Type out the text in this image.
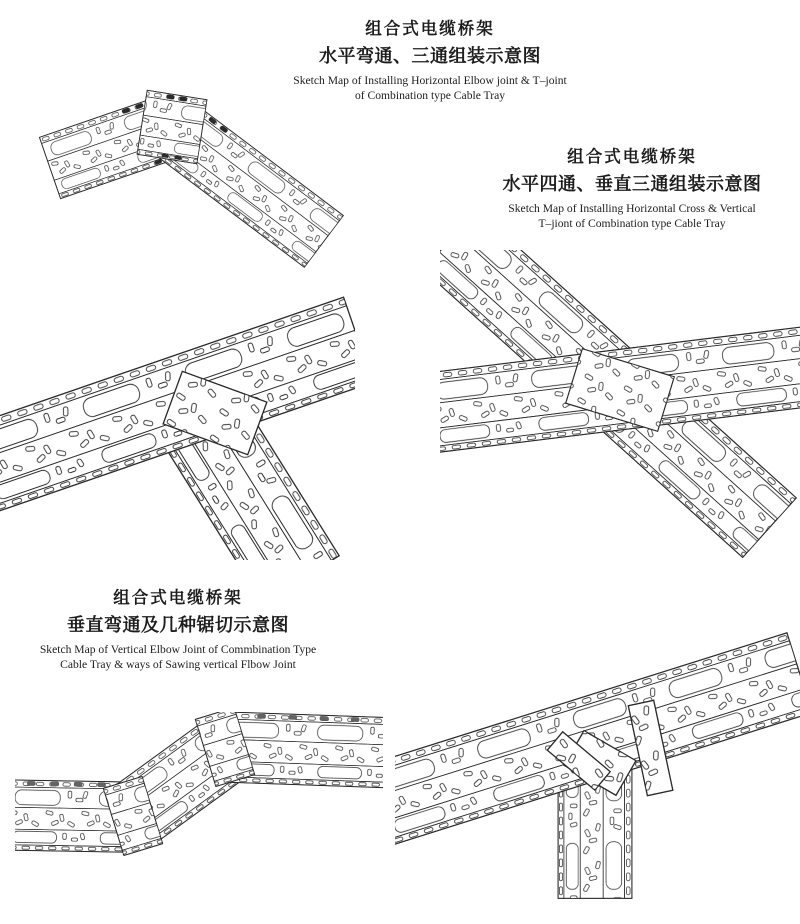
组合式电缆桥架
水平弯通、三通组装示意图
Sketch Map of Installing Horizontal Elbow joint & T–joint
of Combination type Cable Tray
组合式电缆桥架
水平四通、垂直三通组装示意图
Sketch Map of Installing Horizontal Cross & Vertical
T–jiont of Combination type Cable Tray
组合式电缆桥架
垂直弯通及几种锯切示意图
Sketch Map of Vertical Elbow Joint of Commbination Type
Cable Tray & ways of Sawing vertical Flbow Joint
